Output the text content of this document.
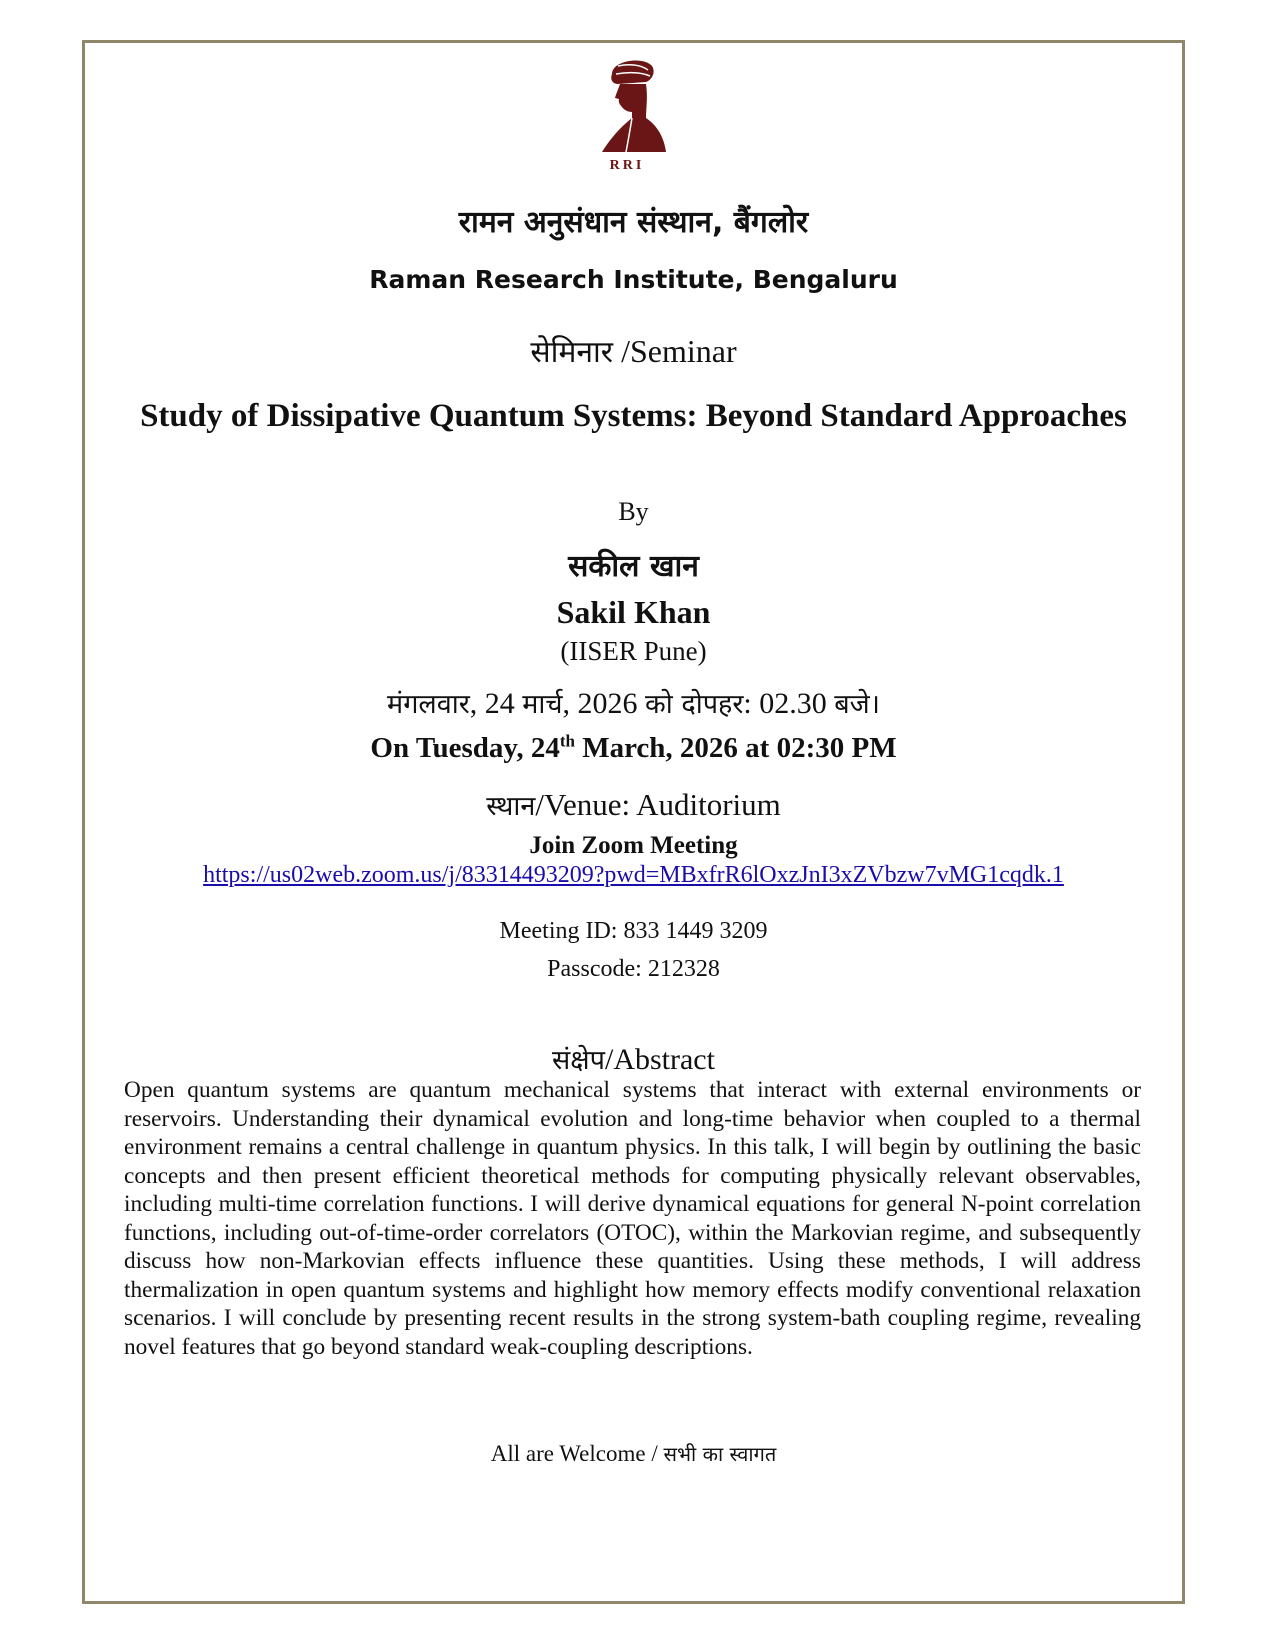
RRI
रामन अनुसंधान संस्थान, बैंगलोर
Raman Research Institute, Bengaluru
सेमिनार /Seminar
Study of Dissipative Quantum Systems: Beyond Standard Approaches
By
सकील खान
Sakil Khan
(IISER Pune)
मंगलवार, 24 मार्च, 2026 को दोपहर: 02.30 बजे।
On Tuesday, 24th March, 2026 at 02:30 PM
स्थान/Venue: Auditorium
Join Zoom Meeting
https://us02web.zoom.us/j/83314493209?pwd=MBxfrR6lOxzJnI3xZVbzw7vMG1cqdk.1
Meeting ID: 833 1449 3209
Passcode: 212328
संक्षेप/Abstract
Open quantum systems are quantum mechanical systems that interact with external environments or reservoirs. Understanding their dynamical evolution and long-time behavior when coupled to a thermal environment remains a central challenge in quantum physics. In this talk, I will begin by outlining the basic concepts and then present efficient theoretical methods for computing physically relevant observables, including multi-time correlation functions. I will derive dynamical equations for general N-point correlation functions, including out-of-time-order correlators (OTOC), within the Markovian regime, and subsequently discuss how non-Markovian effects influence these quantities. Using these methods, I will address thermalization in open quantum systems and highlight how memory effects modify conventional relaxation scenarios. I will conclude by presenting recent results in the strong system-bath coupling regime, revealing novel features that go beyond standard weak-coupling descriptions.
All are Welcome / सभी का स्वागत
